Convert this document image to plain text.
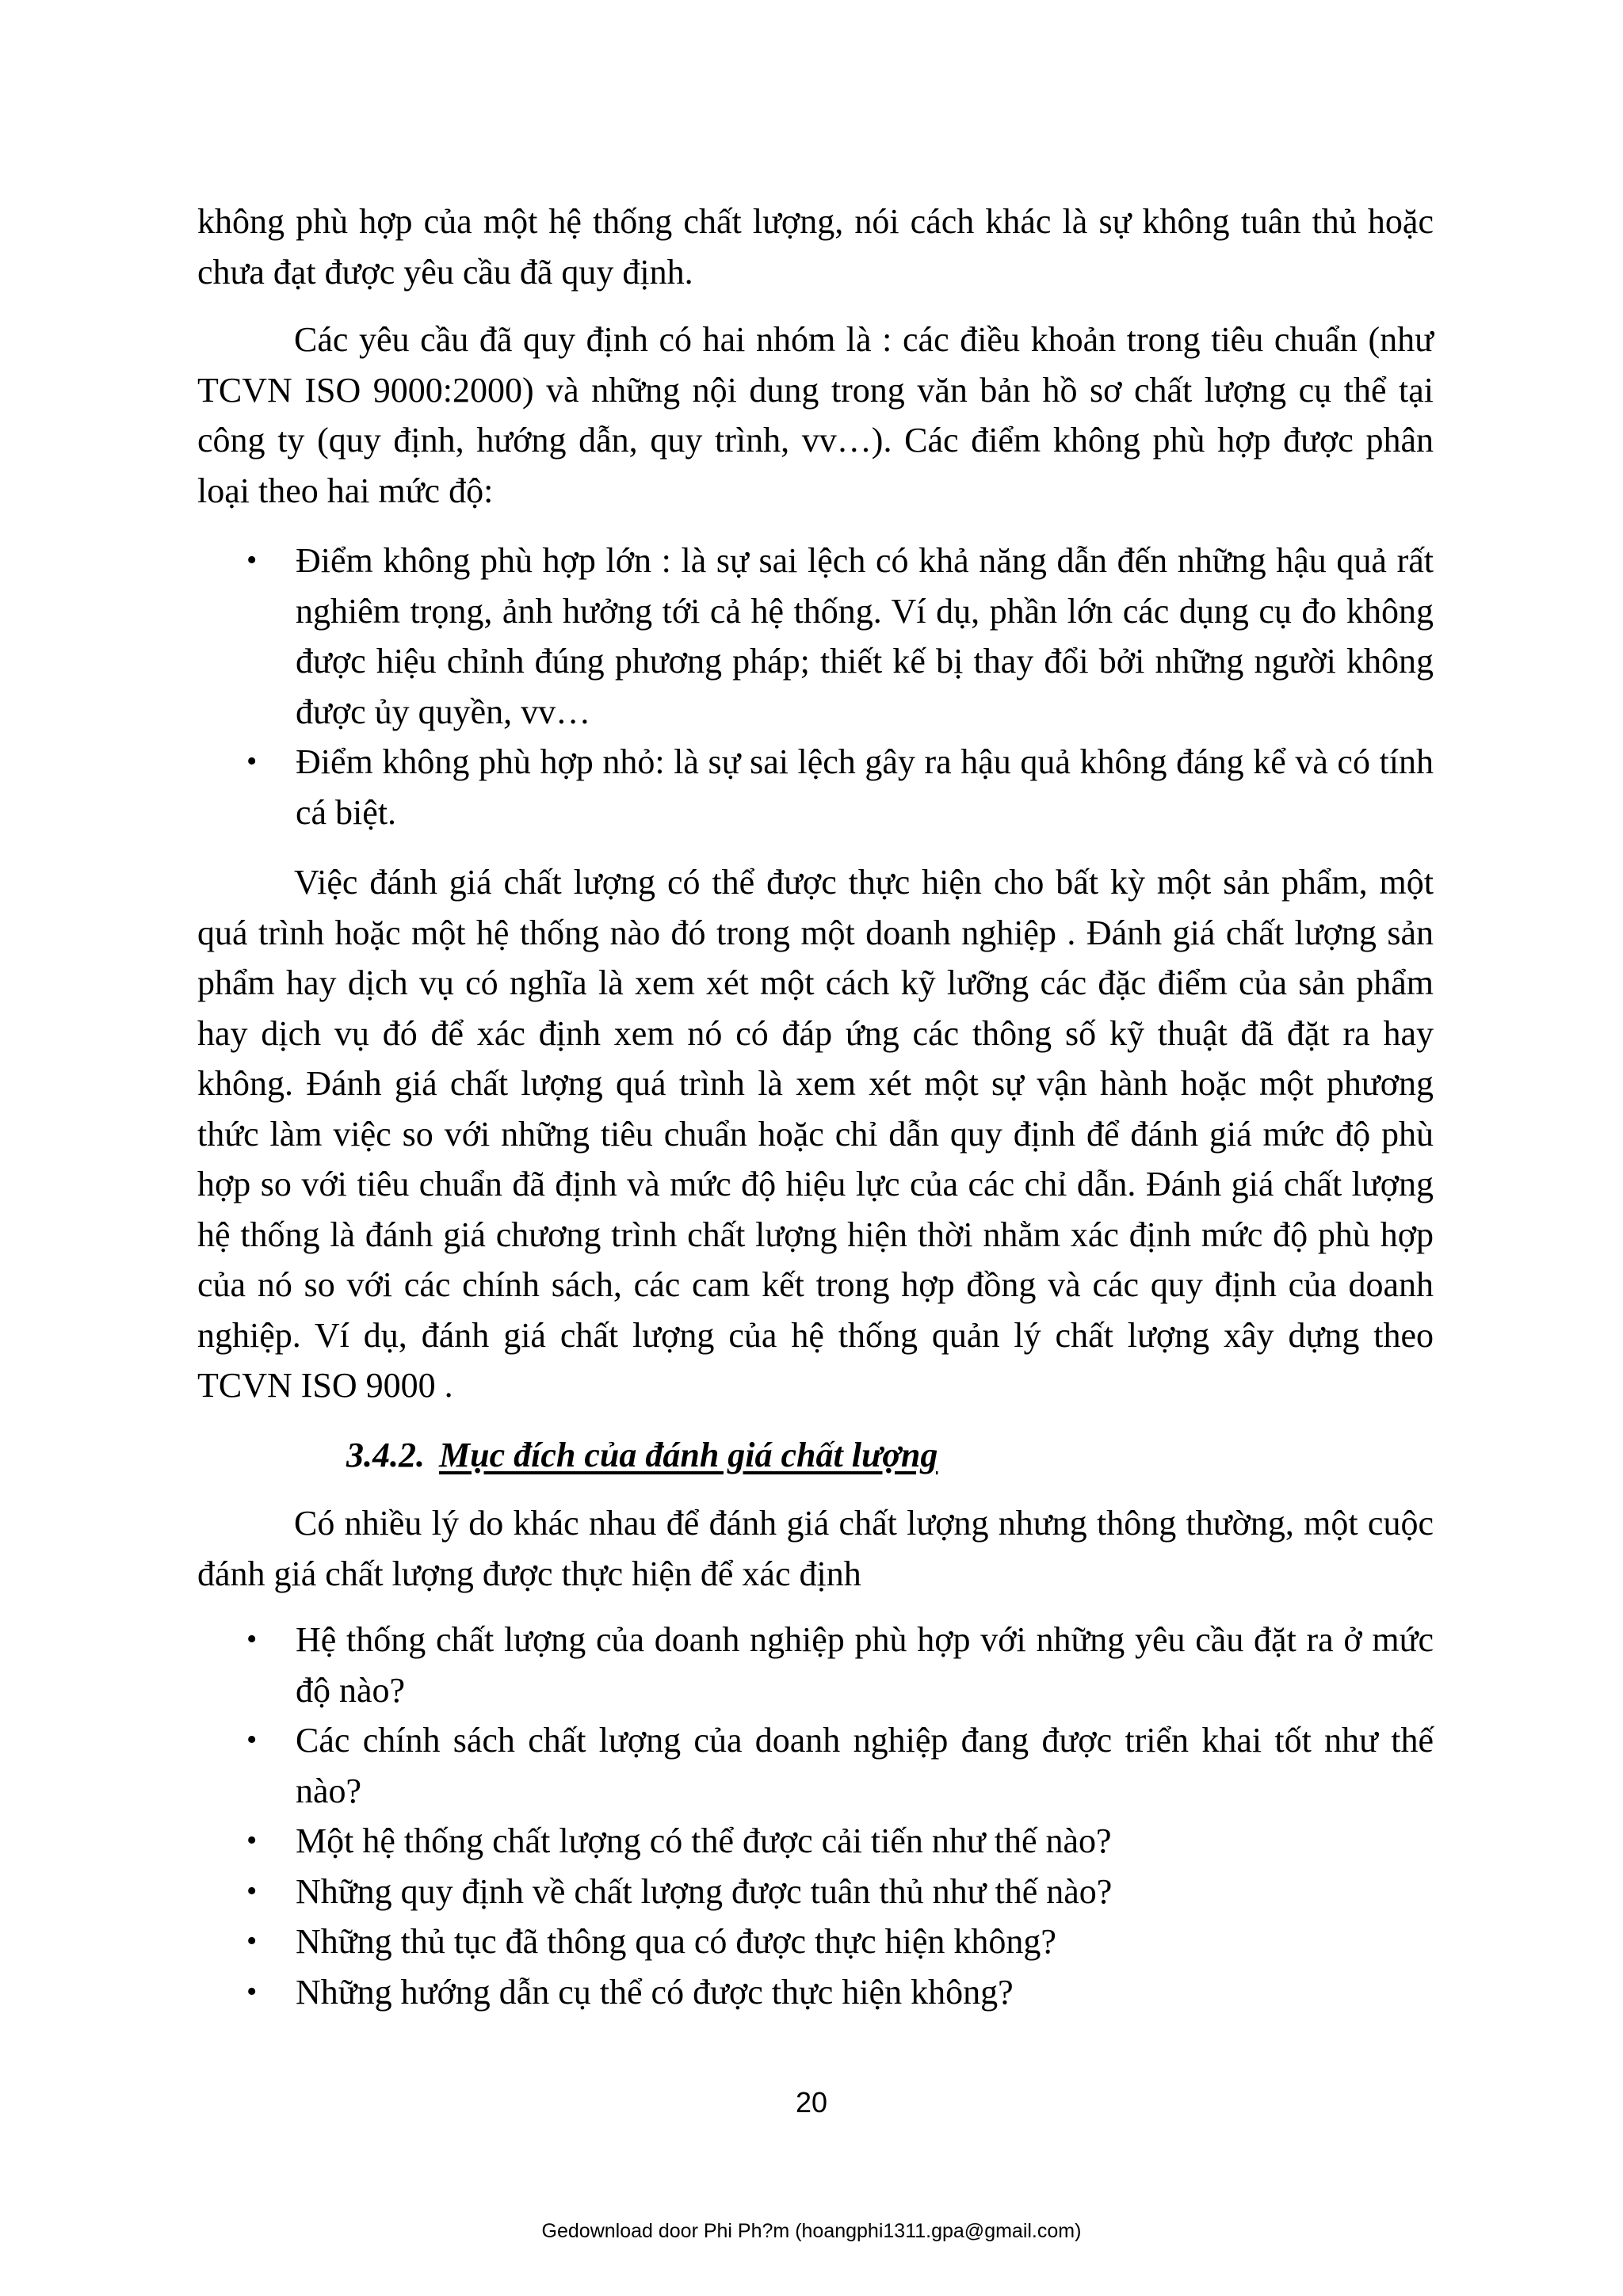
không phù hợp của một hệ thống chất lượng, nói cách khác là sự không tuân thủ hoặc chưa đạt được yêu cầu đã quy định.

Các yêu cầu đã quy định có hai nhóm là : các điều khoản trong tiêu chuẩn (như TCVN ISO 9000:2000) và những nội dung trong văn bản hồ sơ chất lượng cụ thể tại công ty (quy định, hướng dẫn, quy trình, vv…). Các điểm không phù hợp được phân loại theo hai mức độ:

• Điểm không phù hợp lớn : là sự sai lệch có khả năng dẫn đến những hậu quả rất nghiêm trọng, ảnh hưởng tới cả hệ thống. Ví dụ, phần lớn các dụng cụ đo không được hiệu chỉnh đúng phương pháp; thiết kế bị thay đổi bởi những người không được ủy quyền, vv…
• Điểm không phù hợp nhỏ: là sự sai lệch gây ra hậu quả không đáng kể và có tính cá biệt.

Việc đánh giá chất lượng có thể được thực hiện cho bất kỳ một sản phẩm, một quá trình hoặc một hệ thống nào đó trong một doanh nghiệp . Đánh giá chất lượng sản phẩm hay dịch vụ có nghĩa là xem xét một cách kỹ lưỡng các đặc điểm của sản phẩm hay dịch vụ đó để xác định xem nó có đáp ứng các thông số kỹ thuật đã đặt ra hay không. Đánh giá chất lượng quá trình là xem xét một sự vận hành hoặc một phương thức làm việc so với những tiêu chuẩn hoặc chỉ dẫn quy định để đánh giá mức độ phù hợp so với tiêu chuẩn đã định và mức độ hiệu lực của các chỉ dẫn. Đánh giá chất lượng hệ thống là đánh giá chương trình chất lượng hiện thời nhằm xác định mức độ phù hợp của nó so với các chính sách, các cam kết trong hợp đồng và các quy định của doanh nghiệp. Ví dụ, đánh giá chất lượng của hệ thống quản lý chất lượng xây dựng theo TCVN ISO 9000 .

3.4.2. Mục đích của đánh giá chất lượng

Có nhiều lý do khác nhau để đánh giá chất lượng nhưng thông thường, một cuộc đánh giá chất lượng được thực hiện để xác định

• Hệ thống chất lượng của doanh nghiệp phù hợp với những yêu cầu đặt ra ở mức độ nào?
• Các chính sách chất lượng của doanh nghiệp đang được triển khai tốt như thế nào?
• Một hệ thống chất lượng có thể được cải tiến như thế nào?
• Những quy định về chất lượng được tuân thủ như thế nào?
• Những thủ tục đã thông qua có được thực hiện không?
• Những hướng dẫn cụ thể có được thực hiện không?
20
Gedownload door Phi Ph?m (hoangphi1311.gpa@gmail.com)
